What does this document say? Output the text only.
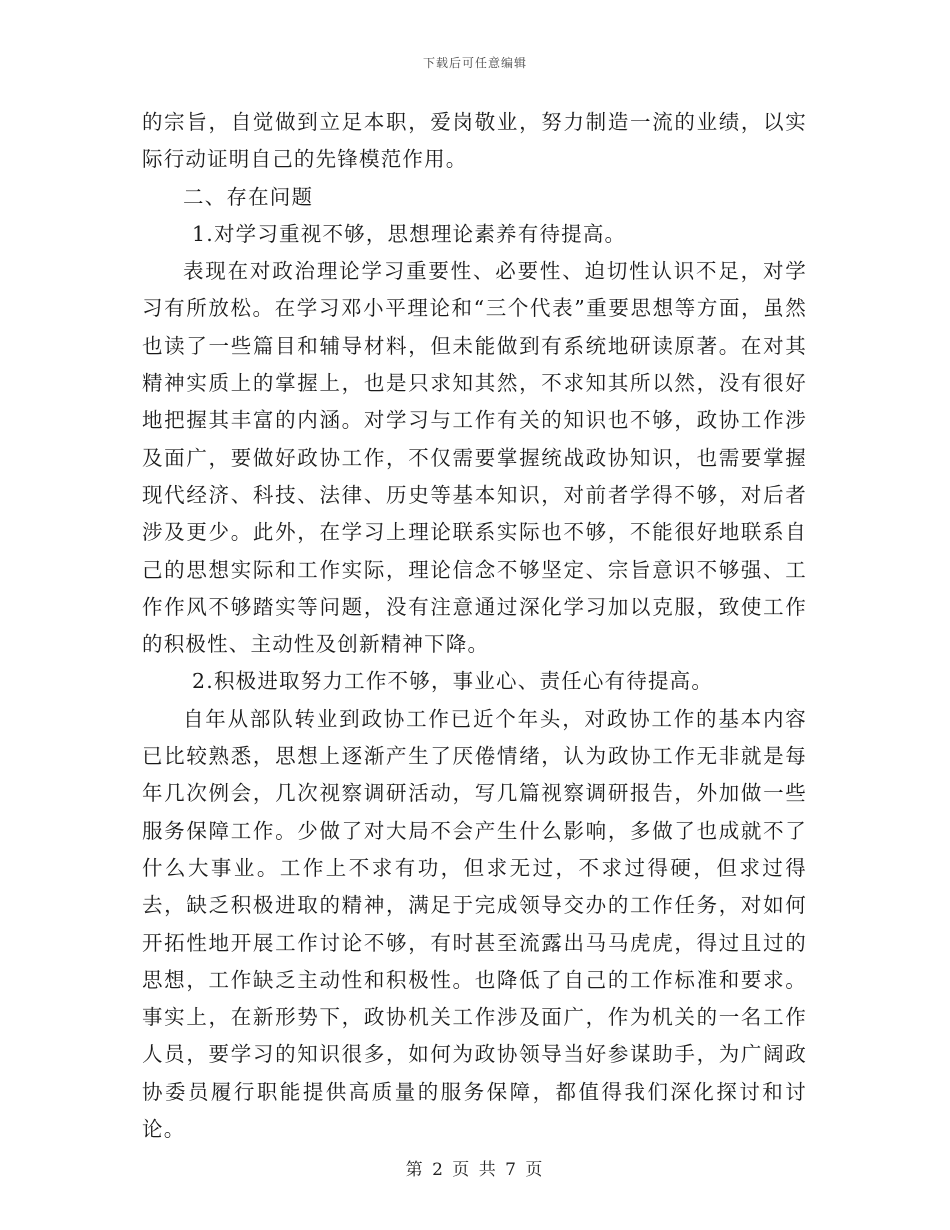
下载后可任意编辑

的宗旨，自觉做到立足本职，爱岗敬业，努力制造一流的业绩，以实际行动证明自己的先锋模范作用。

二、存在问题

1.对学习重视不够，思想理论素养有待提高。

表现在对政治理论学习重要性、必要性、迫切性认识不足，对学习有所放松。在学习邓小平理论和“三个代表”重要思想等方面，虽然也读了一些篇目和辅导材料，但未能做到有系统地研读原著。在对其精神实质上的掌握上，也是只求知其然，不求知其所以然，没有很好地把握其丰富的内涵。对学习与工作有关的知识也不够，政协工作涉及面广，要做好政协工作，不仅需要掌握统战政协知识，也需要掌握现代经济、科技、法律、历史等基本知识，对前者学得不够，对后者涉及更少。此外，在学习上理论联系实际也不够，不能很好地联系自己的思想实际和工作实际，理论信念不够坚定、宗旨意识不够强、工作作风不够踏实等问题，没有注意通过深化学习加以克服，致使工作的积极性、主动性及创新精神下降。

2.积极进取努力工作不够，事业心、责任心有待提高。

自年从部队转业到政协工作已近个年头，对政协工作的基本内容已比较熟悉，思想上逐渐产生了厌倦情绪，认为政协工作无非就是每年几次例会，几次视察调研活动，写几篇视察调研报告，外加做一些服务保障工作。少做了对大局不会产生什么影响，多做了也成就不了什么大事业。工作上不求有功，但求无过，不求过得硬，但求过得去，缺乏积极进取的精神，满足于完成领导交办的工作任务，对如何开拓性地开展工作讨论不够，有时甚至流露出马马虎虎，得过且过的思想，工作缺乏主动性和积极性。也降低了自己的工作标准和要求。事实上，在新形势下，政协机关工作涉及面广，作为机关的一名工作人员，要学习的知识很多，如何为政协领导当好参谋助手，为广阔政协委员履行职能提供高质量的服务保障，都值得我们深化探讨和讨论。

第 2 页 共 7 页
